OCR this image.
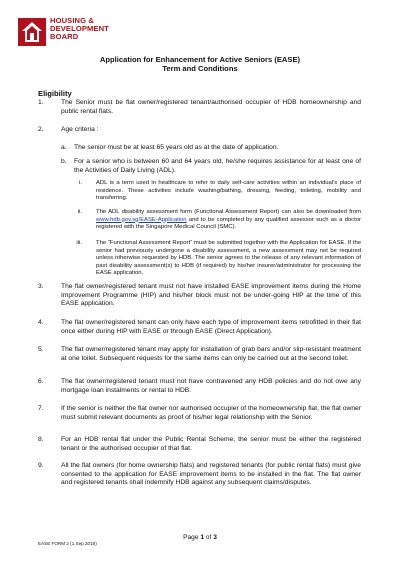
HOUSING &
DEVELOPMENT
BOARD
Application for Enhancement for Active Seniors (EASE)
Term and Conditions
Eligibility
1.	The Senior must be flat owner/registered tenant/authorised occupier of HDB homeownership and public rental flats.
2.	Age criteria :
a. The senior must be at least 65 years old as at the date of application.
b. For a senior who is between 60 and 64 years old, he/she requires assistance for at least one of the Activities of Daily Living (ADL).
i. ADL is a term used in healthcare to refer to daily self-care activities within an individual's place of residence. These activities include washing/bathing, dressing, feeding, toileting, mobility and transferring.
ii. The ADL disability assessment form (Functional Assessment Report) can also be downloaded from www.hdb.gov.sg/EASE-Application and to be completed by any qualified assessor such as a doctor registered with the Singapore Medical Council (SMC).
iii. The “Functional Assessment Report” must be submitted together with the Application for EASE. If the senior had previously undergone a disability assessment, a new assessment may not be required unless otherwise requested by HDB. The senior agrees to the release of any relevant information of past disability assessment(s) to HDB (if required) by his/her insurer/administrator for processing the EASE application.
3.	The flat owner/registered tenant must not have installed EASE improvement items during the Home Improvement Programme (HIP) and his/her block must not be under-going HIP at the time of this EASE application.
4.	The flat owner/registered tenant can only have each type of improvement items retrofitted in their flat once either during HIP with EASE or through EASE (Direct Application).
5.	The flat owner/registered tenant may apply for installation of grab bars and/or slip-resistant treatment at one toilet. Subsequent requests for the same items can only be carried out at the second toilet.
6.	The flat owner/registered tenant must not have contravened any HDB policies and do not owe any mortgage loan instalments or rental to HDB.
7.	If the senior is neither the flat owner nor authorised occupier of the homeownership flat, the flat owner must submit relevant documents as proof of his/her legal relationship with the Senior.
8.	For an HDB rental flat under the Public Rental Scheme, the senior must be either the registered tenant or the authorised occupier of that flat.
9.	All the flat owners (for home ownership flats) and registered tenants (for public rental flats) must give consented to the application for EASE improvement items to be installed in the flat. The flat owner and registered tenants shall indemnify HDB against any subsequent claims/disputes.
Page 1 of 3
EASE FORM 2 (1 Sep 2016)
